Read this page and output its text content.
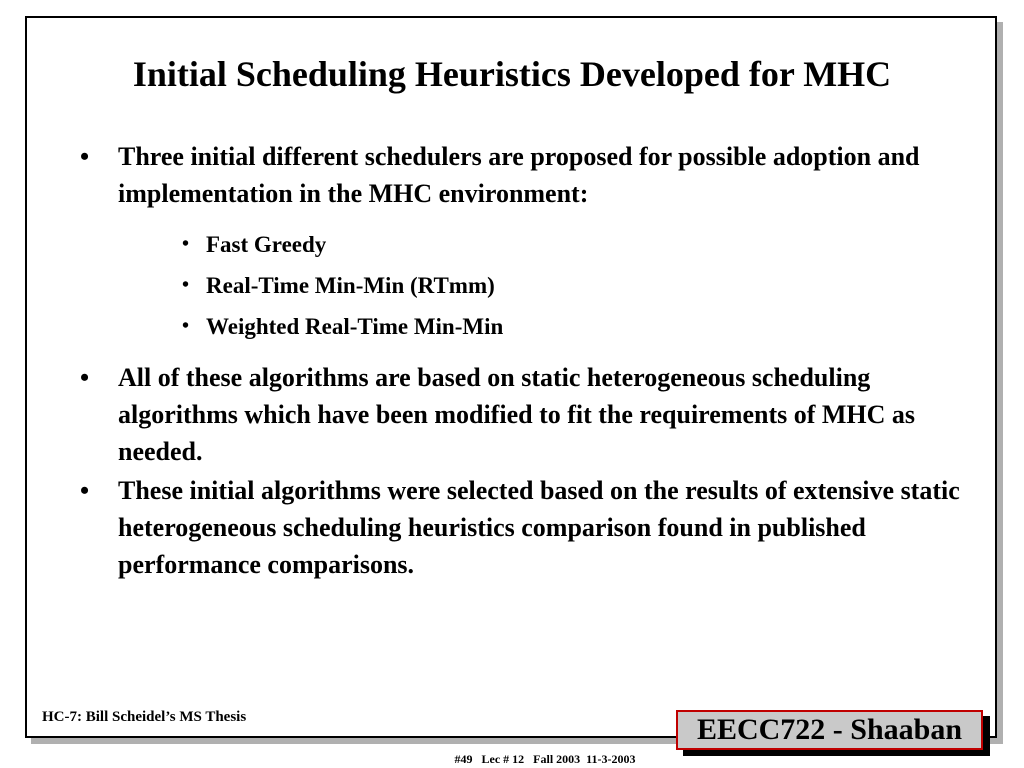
Initial Scheduling Heuristics Developed for MHC
• Three initial different schedulers are proposed for possible adoption and implementation in the MHC environment:
• Fast Greedy
• Real-Time Min-Min (RTmm)
• Weighted Real-Time Min-Min
• All of these algorithms are based on static heterogeneous scheduling algorithms which have been modified to fit the requirements of MHC as needed.
• These initial algorithms were selected based on the results of extensive static heterogeneous scheduling heuristics comparison found in published performance comparisons.
HC-7: Bill Scheidel’s MS Thesis	EECC722 - Shaaban
#49   Lec # 12   Fall 2003  11-3-2003
